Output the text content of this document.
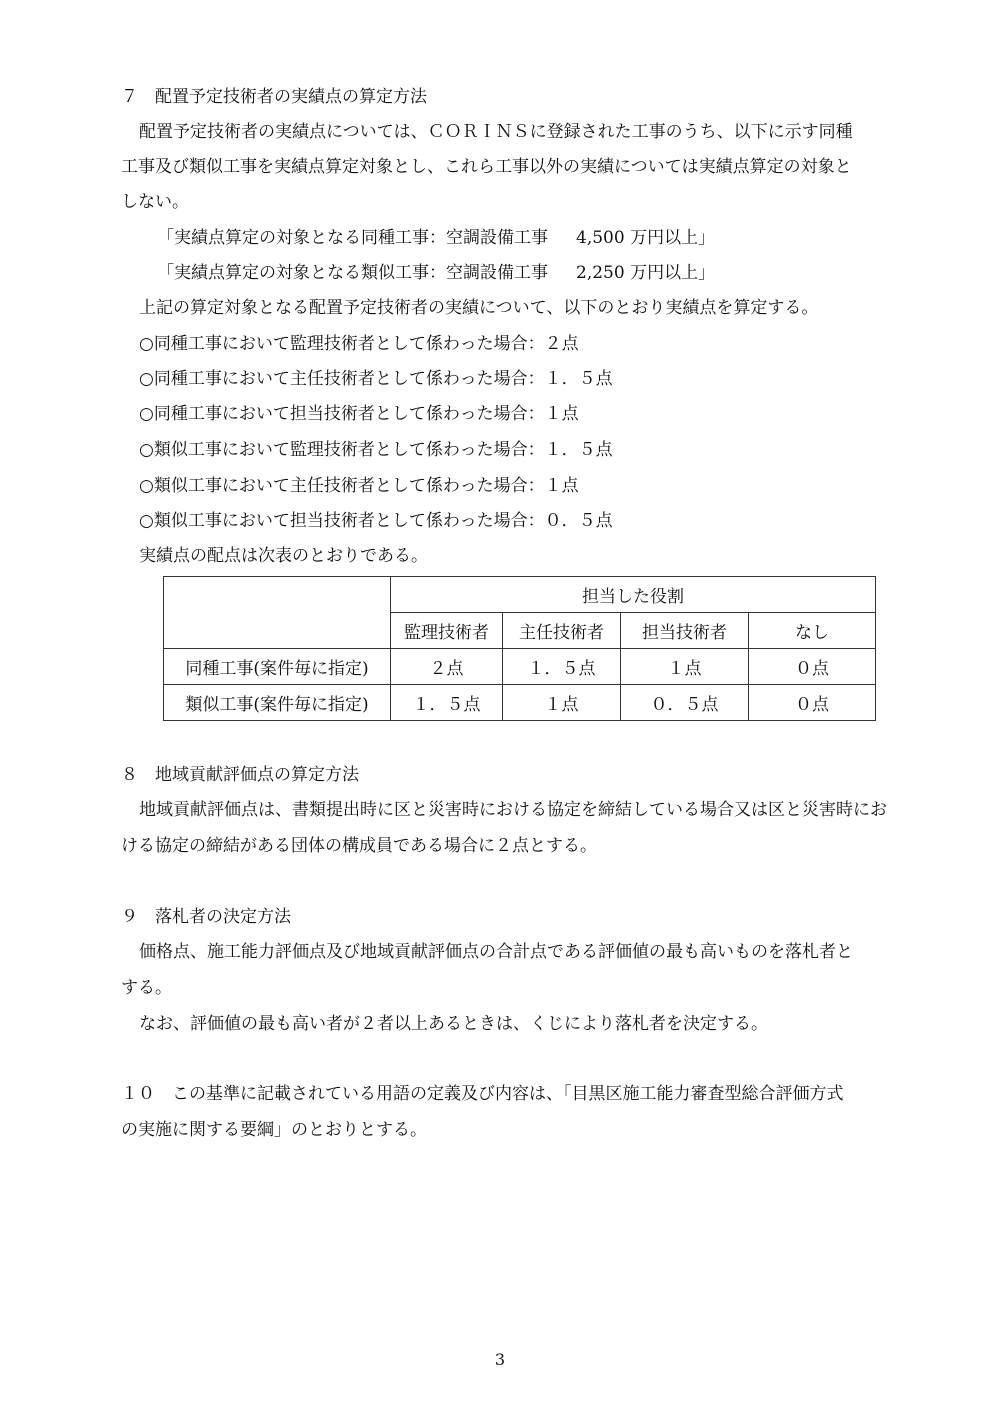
７　配置予定技術者の実績点の算定方法
配置予定技術者の実績点については、ＣＯＲＩＮＳに登録された工事のうち、以下に示す同種
工事及び類似工事を実績点算定対象とし、これら工事以外の実績については実績点算定の対象と
しない。
「実績点算定の対象となる同種工事：空調設備工事 4,500 万円以上」
「実績点算定の対象となる類似工事：空調設備工事 2,250 万円以上」
上記の算定対象となる配置予定技術者の実績について、以下のとおり実績点を算定する。
○同種工事において監理技術者として係わった場合：２点
○同種工事において主任技術者として係わった場合：１．５点
○同種工事において担当技術者として係わった場合：１点
○類似工事において監理技術者として係わった場合：１．５点
○類似工事において主任技術者として係わった場合：１点
○類似工事において担当技術者として係わった場合：０．５点
実績点の配点は次表のとおりである。
	担当した役割			
	監理技術者	主任技術者	担当技術者	なし
同種工事(案件毎に指定)	２点	１．５点	１点	０点
類似工事(案件毎に指定)	１．５点	１点	０．５点	０点
８　地域貢献評価点の算定方法
地域貢献評価点は、書類提出時に区と災害時における協定を締結している場合又は区と災害時にお
ける協定の締結がある団体の構成員である場合に２点とする。
９　落札者の決定方法
価格点、施工能力評価点及び地域貢献評価点の合計点である評価値の最も高いものを落札者と
する。
なお、評価値の最も高い者が２者以上あるときは、くじにより落札者を決定する。
１０　この基準に記載されている用語の定義及び内容は、「目黒区施工能力審査型総合評価方式
の実施に関する要綱」のとおりとする。
3
